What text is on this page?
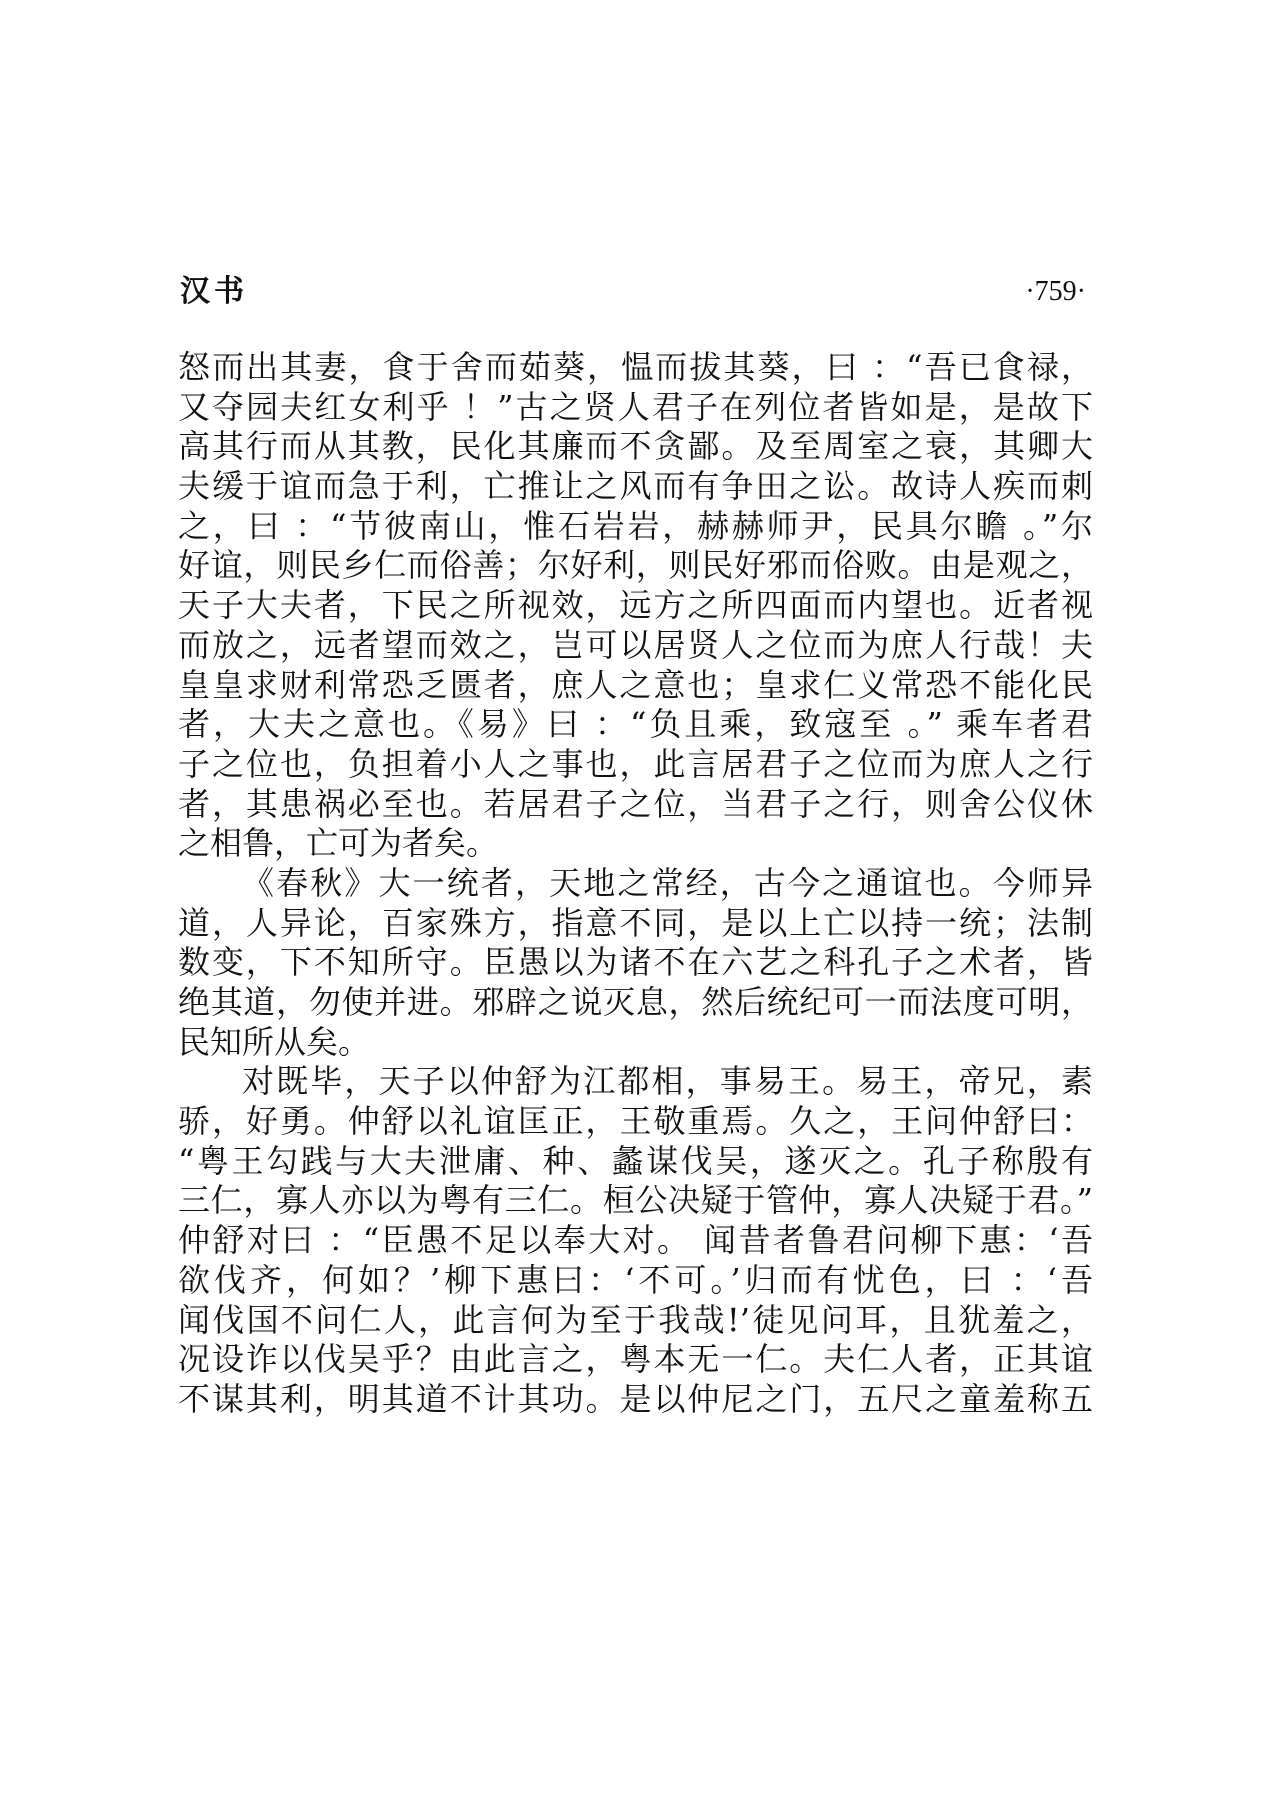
汉书	·759·
怒而出其妻，食于舍而茹葵，愠而拔其葵，曰 ：“吾已食禄，
又夺园夫红女利乎 ！”古之贤人君子在列位者皆如是，是故下
高其行而从其教，民化其廉而不贪鄙。及至周室之衰，其卿大
夫缓于谊而急于利，亡推让之风而有争田之讼。故诗人疾而刺
之，曰 ：“节彼南山，惟石岩岩，赫赫师尹，民具尔瞻 。”尔
好谊，则民乡仁而俗善；尔好利，则民好邪而俗败。由是观之，
天子大夫者，下民之所视效，远方之所四面而内望也。近者视
而放之，远者望而效之，岂可以居贤人之位而为庶人行哉！夫
皇皇求财利常恐乏匮者，庶人之意也；皇求仁义常恐不能化民
者，大夫之意也。《易》曰 ：“负且乘，致寇至 。” 乘车者君
子之位也，负担着小人之事也，此言居君子之位而为庶人之行
者，其患祸必至也。若居君子之位，当君子之行，则舍公仪休
之相鲁，亡可为者矣。
《春秋》大一统者，天地之常经，古今之通谊也。今师异
道，人异论，百家殊方，指意不同，是以上亡以持一统；法制
数变，下不知所守。臣愚以为诸不在六艺之科孔子之术者，皆
绝其道，勿使并进。邪辟之说灭息，然后统纪可一而法度可明，
民知所从矣。
对既毕，天子以仲舒为江都相，事易王。易王，帝兄，素
骄，好勇。仲舒以礼谊匡正，王敬重焉。久之，王问仲舒曰：
“粤王勾践与大夫泄庸、种、蠡谋伐吴，遂灭之。孔子称殷有
三仁，寡人亦以为粤有三仁。桓公决疑于管仲，寡人决疑于君。”
仲舒对曰 ：“臣愚不足以奉大对。 闻昔者鲁君问柳下惠：‘吾
欲伐齐，何如？’柳下惠曰：‘不可。’归而有忧色，曰 ：‘吾
闻伐国不问仁人，此言何为至于我哉!’徒见问耳，且犹羞之，
况设诈以伐吴乎？由此言之，粤本无一仁。夫仁人者，正其谊
不谋其利，明其道不计其功。是以仲尼之门，五尺之童羞称五
